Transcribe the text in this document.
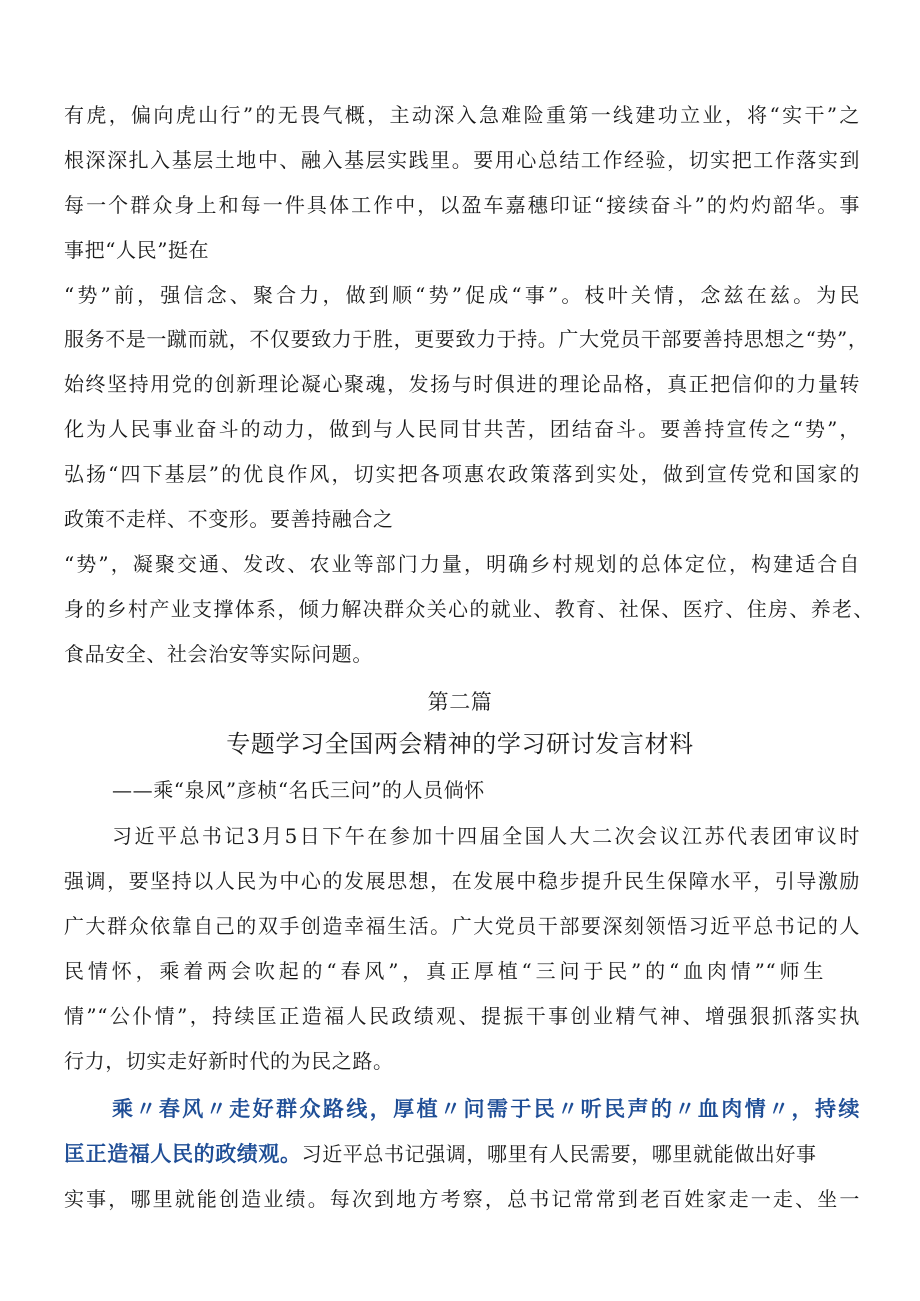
有虎，偏向虎山行”的无畏气概，主动深入急难险重第一线建功立业，将“实干”之
根深深扎入基层土地中、融入基层实践里。要用心总结工作经验，切实把工作落实到
每一个群众身上和每一件具体工作中，以盈车嘉穗印证“接续奋斗”的灼灼韶华。事
事把“人民”挺在
“势”前，强信念、聚合力，做到顺“势”促成“事”。枝叶关情，念兹在兹。为民
服务不是一蹴而就，不仅要致力于胜，更要致力于持。广大党员干部要善持思想之“势”，
始终坚持用党的创新理论凝心聚魂，发扬与时俱进的理论品格，真正把信仰的力量转
化为人民事业奋斗的动力，做到与人民同甘共苦，团结奋斗。要善持宣传之“势”，
弘扬“四下基层”的优良作风，切实把各项惠农政策落到实处，做到宣传党和国家的
政策不走样、不变形。要善持融合之
“势”，凝聚交通、发改、农业等部门力量，明确乡村规划的总体定位，构建适合自
身的乡村产业支撑体系，倾力解决群众关心的就业、教育、社保、医疗、住房、养老、
食品安全、社会治安等实际问题。
第二篇
专题学习全国两会精神的学习研讨发言材料
——乘“泉风”彦桢“名氏三问”的人员倘怀
习近平总书记3月5日下午在参加十四届全国人大二次会议江苏代表团审议时
强调，要坚持以人民为中心的发展思想，在发展中稳步提升民生保障水平，引导激励
广大群众依靠自己的双手创造幸福生活。广大党员干部要深刻领悟习近平总书记的人
民情怀，乘着两会吹起的“春风”，真正厚植“三问于民”的“血肉情”“师生
情”“公仆情”，持续匡正造福人民政绩观、提振干事创业精气神、增强狠抓落实执
行力，切实走好新时代的为民之路。
乘〃春风〃走好群众路线，厚植〃问需于民〃听民声的〃血肉情〃，持续
匡正造福人民的政绩观。习近平总书记强调，哪里有人民需要，哪里就能做出好事
实事，哪里就能创造业绩。每次到地方考察，总书记常常到老百姓家走一走、坐一
